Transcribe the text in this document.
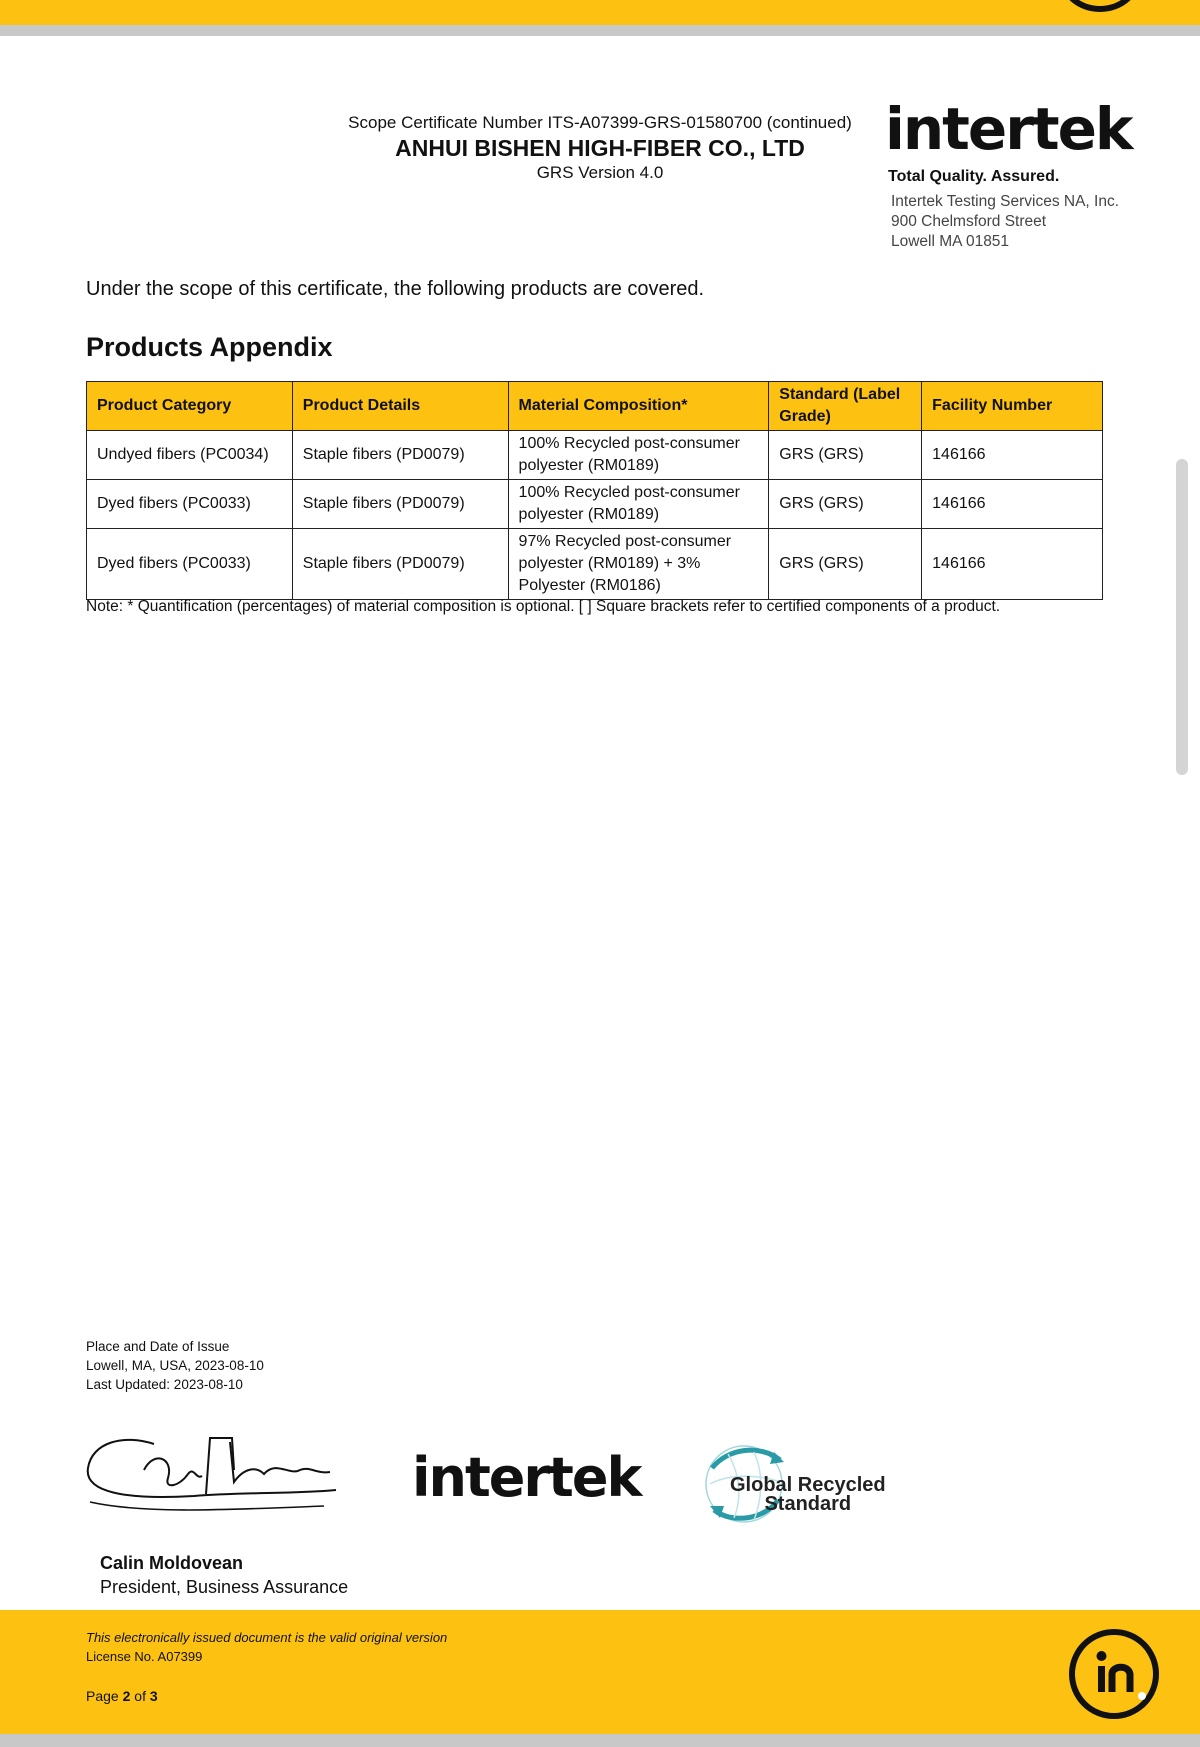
Scope Certificate Number ITS-A07399-GRS-01580700 (continued)
ANHUI BISHEN HIGH-FIBER CO., LTD
GRS Version 4.0
intertek
Total Quality. Assured.
Intertek Testing Services NA, Inc.
900 Chelmsford Street
Lowell MA 01851
Under the scope of this certificate, the following products are covered.
Products Appendix
Product Category	Product Details	Material Composition*	Standard (Label Grade)	Facility Number
Undyed fibers (PC0034)	Staple fibers (PD0079)	100% Recycled post-consumer polyester (RM0189)	GRS (GRS)	146166
Dyed fibers (PC0033)	Staple fibers (PD0079)	100% Recycled post-consumer polyester (RM0189)	GRS (GRS)	146166
Dyed fibers (PC0033)	Staple fibers (PD0079)	97% Recycled post-consumer polyester (RM0189) + 3% Polyester (RM0186)	GRS (GRS)	146166
Note: * Quantification (percentages) of material composition is optional. [ ] Square brackets refer to certified components of a product.
Place and Date of Issue
Lowell, MA, USA, 2023-08-10
Last Updated: 2023-08-10
intertek	Global Recycled
Standard
Calin Moldovean
President, Business Assurance
This electronically issued document is the valid original version
License No. A07399
Page 2 of 3
